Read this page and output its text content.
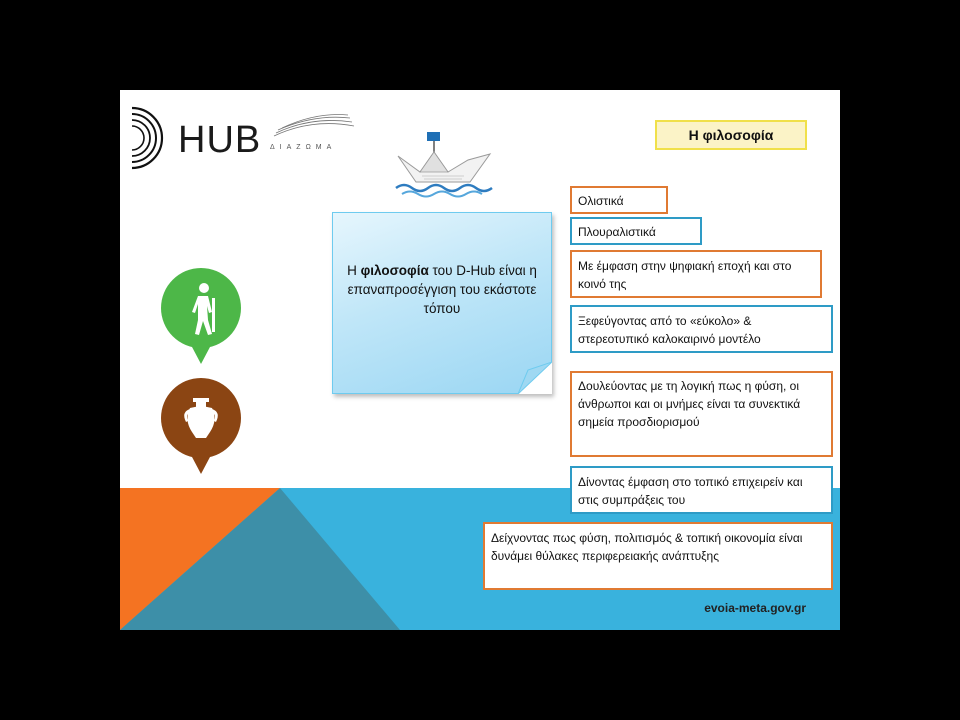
HUB ΔΙΑΖΩΜΑ
Η φιλοσοφία

Η φιλοσοφία του D-Hub είναι η επαναπροσέγγιση του εκάστοτε τόπου

Ολιστικά
Πλουραλιστικά
Με έμφαση στην ψηφιακή εποχή και στο κοινό της
Ξεφεύγοντας από το «εύκολο» & στερεοτυπικό καλοκαιρινό μοντέλο
Δουλεύοντας με τη λογική πως η φύση, οι άνθρωποι και οι μνήμες είναι τα συνεκτικά σημεία προσδιορισμού
Δίνοντας έμφαση στο τοπικό επιχειρείν και στις συμπράξεις του
Δείχνοντας πως φύση, πολιτισμός & τοπική οικονομία είναι δυνάμει θύλακες περιφερειακής ανάπτυξης
evoia-meta.gov.gr
